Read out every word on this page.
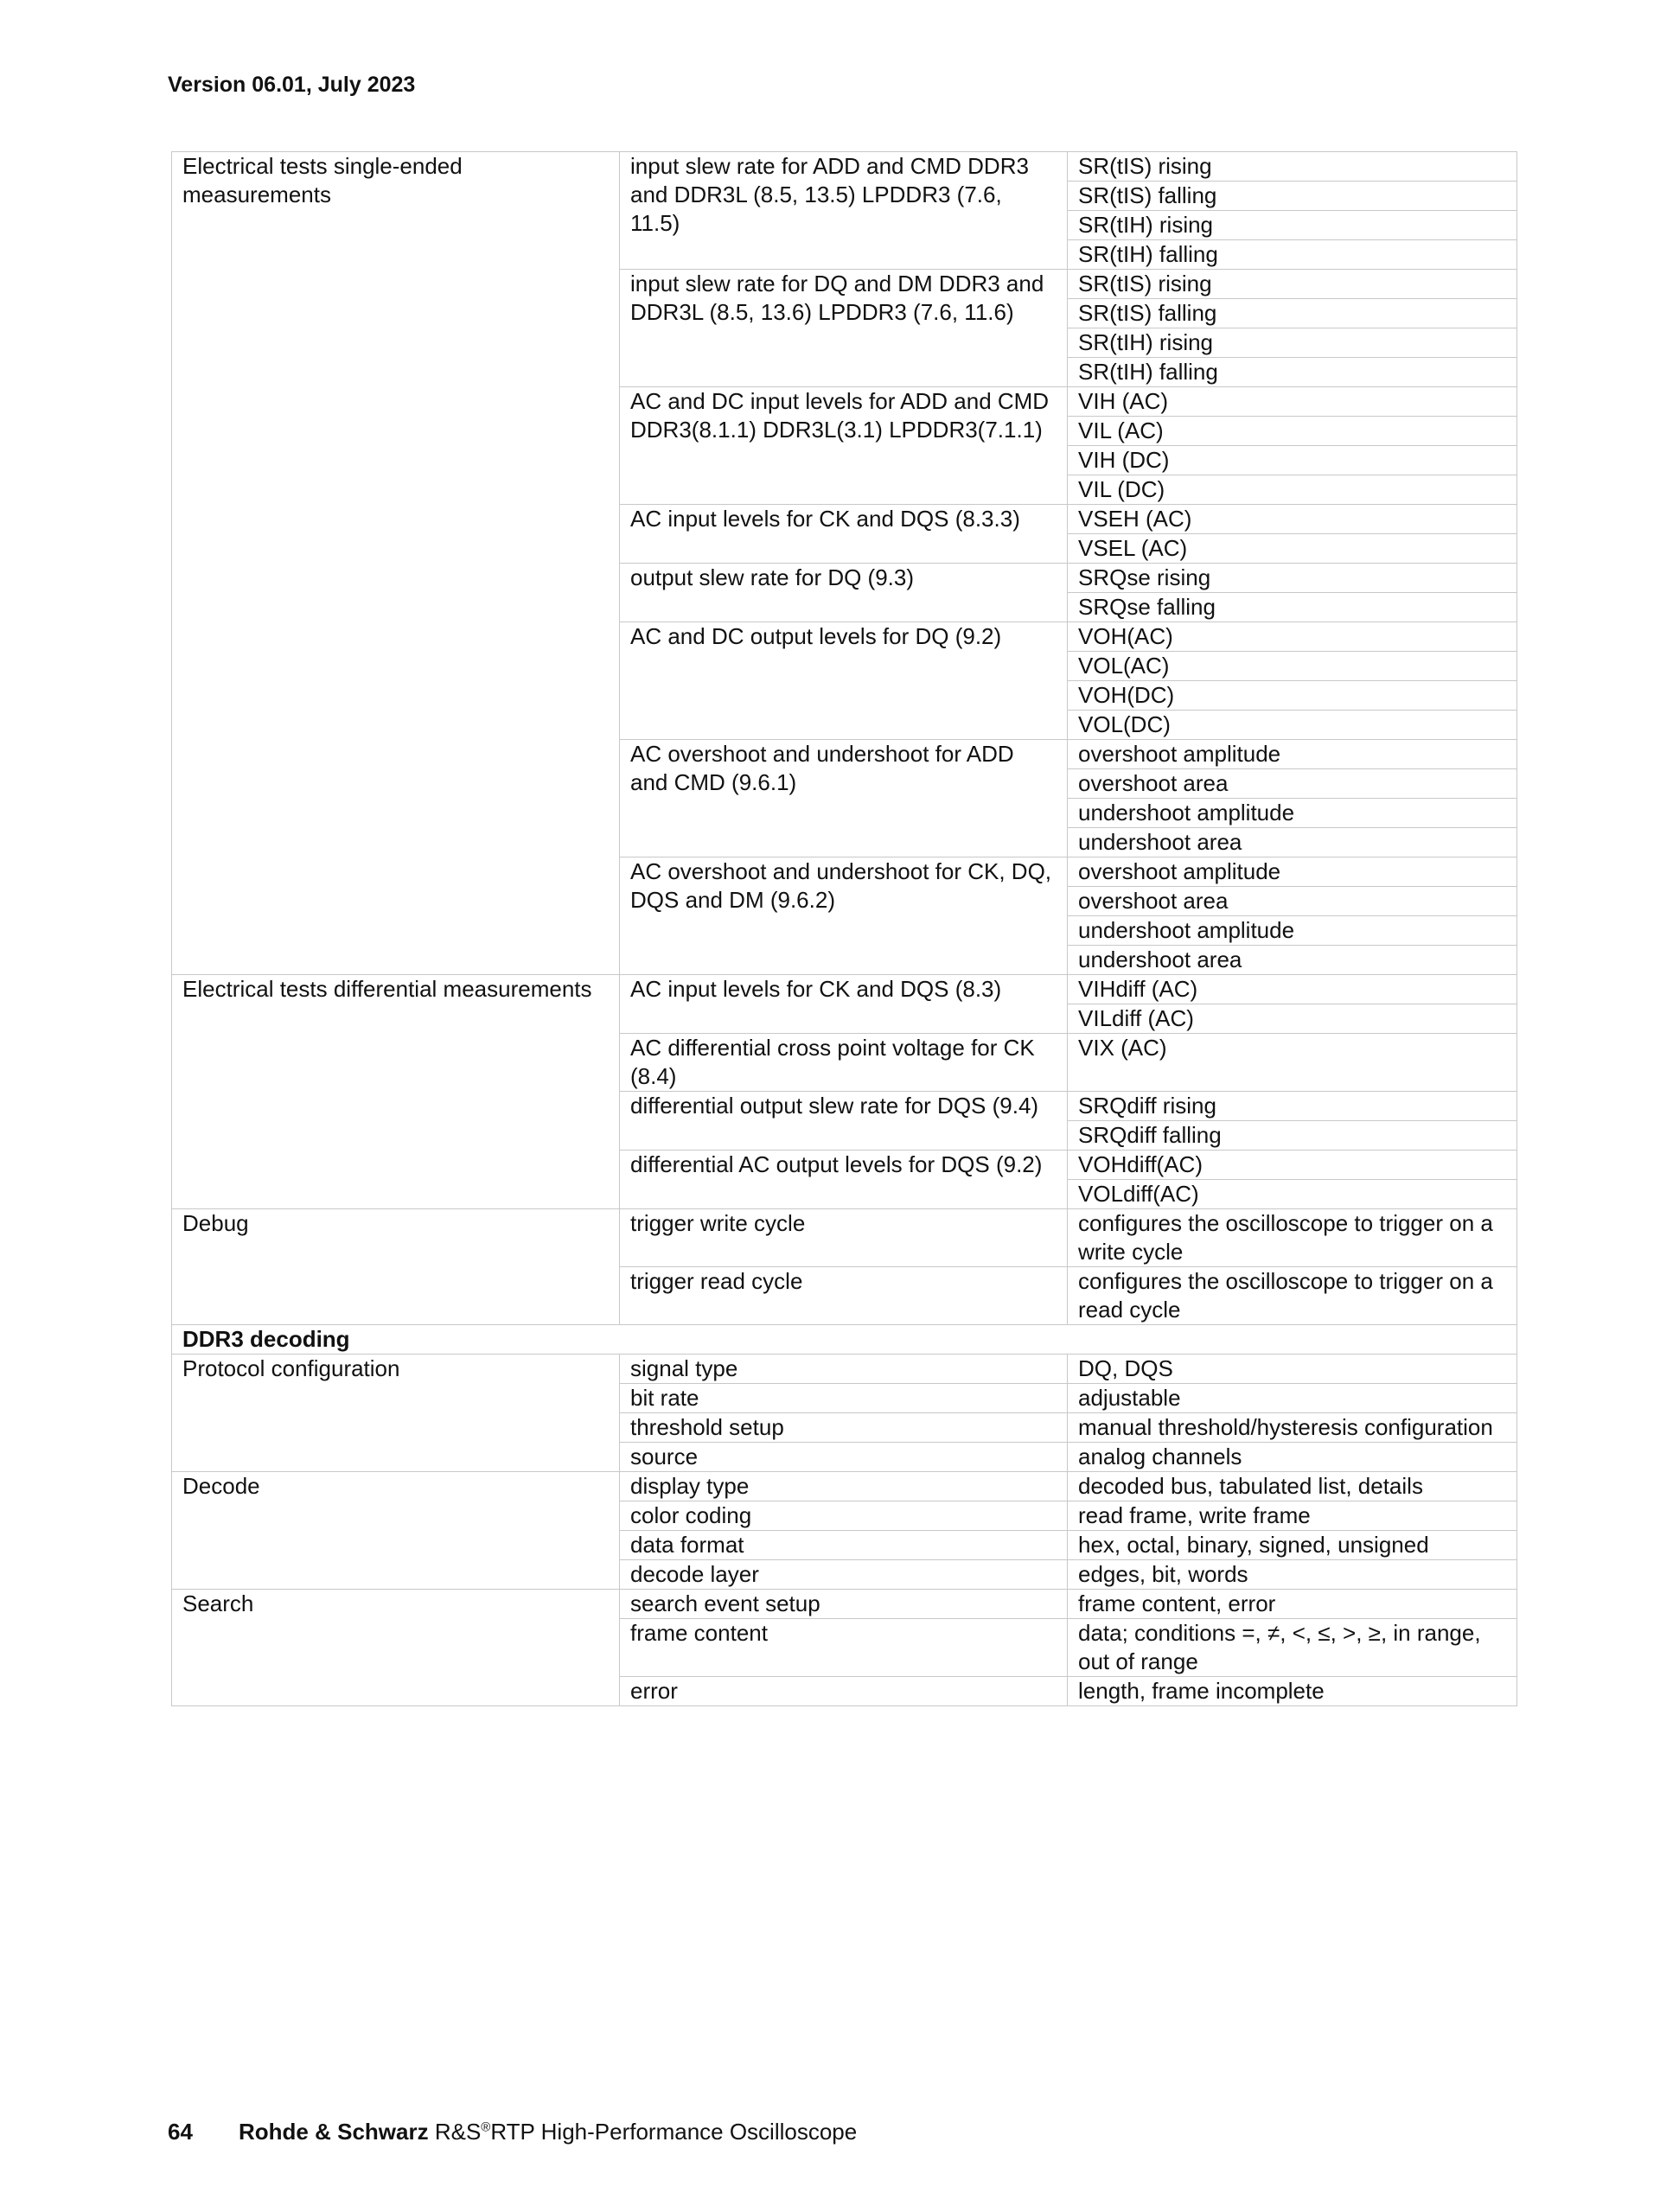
Version 06.01, July 2023
Electrical tests single-ended measurements	input slew rate for ADD and CMD DDR3 and DDR3L (8.5, 13.5) LPDDR3 (7.6, 11.5)	SR(tIS) rising
		SR(tIS) falling
		SR(tIH) rising
		SR(tIH) falling
	input slew rate for DQ and DM DDR3 and DDR3L (8.5, 13.6) LPDDR3 (7.6, 11.6)	SR(tIS) rising
		SR(tIS) falling
		SR(tIH) rising
		SR(tIH) falling
	AC and DC input levels for ADD and CMD DDR3(8.1.1) DDR3L(3.1) LPDDR3(7.1.1)	VIH (AC)
		VIL (AC)
		VIH (DC)
		VIL (DC)
	AC input levels for CK and DQS (8.3.3)	VSEH (AC)
		VSEL (AC)
	output slew rate for DQ (9.3)	SRQse rising
		SRQse falling
	AC and DC output levels for DQ (9.2)	VOH(AC)
		VOL(AC)
		VOH(DC)
		VOL(DC)
	AC overshoot and undershoot for ADD and CMD (9.6.1)	overshoot amplitude
		overshoot area
		undershoot amplitude
		undershoot area
	AC overshoot and undershoot for CK, DQ, DQS and DM (9.6.2)	overshoot amplitude
		overshoot area
		undershoot amplitude
		undershoot area
Electrical tests differential measurements	AC input levels for CK and DQS (8.3)	VIHdiff (AC)
		VILdiff (AC)
	AC differential cross point voltage for CK (8.4)	VIX (AC)
	differential output slew rate for DQS (9.4)	SRQdiff rising
		SRQdiff falling
	differential AC output levels for DQS (9.2)	VOHdiff(AC)
		VOLdiff(AC)
Debug	trigger write cycle	configures the oscilloscope to trigger on a write cycle
	trigger read cycle	configures the oscilloscope to trigger on a read cycle
DDR3 decoding		
Protocol configuration	signal type	DQ, DQS
	bit rate	adjustable
	threshold setup	manual threshold/hysteresis configuration
	source	analog channels
Decode	display type	decoded bus, tabulated list, details
	color coding	read frame, write frame
	data format	hex, octal, binary, signed, unsigned
	decode layer	edges, bit, words
Search	search event setup	frame content, error
	frame content	data; conditions =, ≠, <, ≤, >, ≥, in range, out of range
	error	length, frame incomplete
64 Rohde & Schwarz R&S®RTP High-Performance Oscilloscope
